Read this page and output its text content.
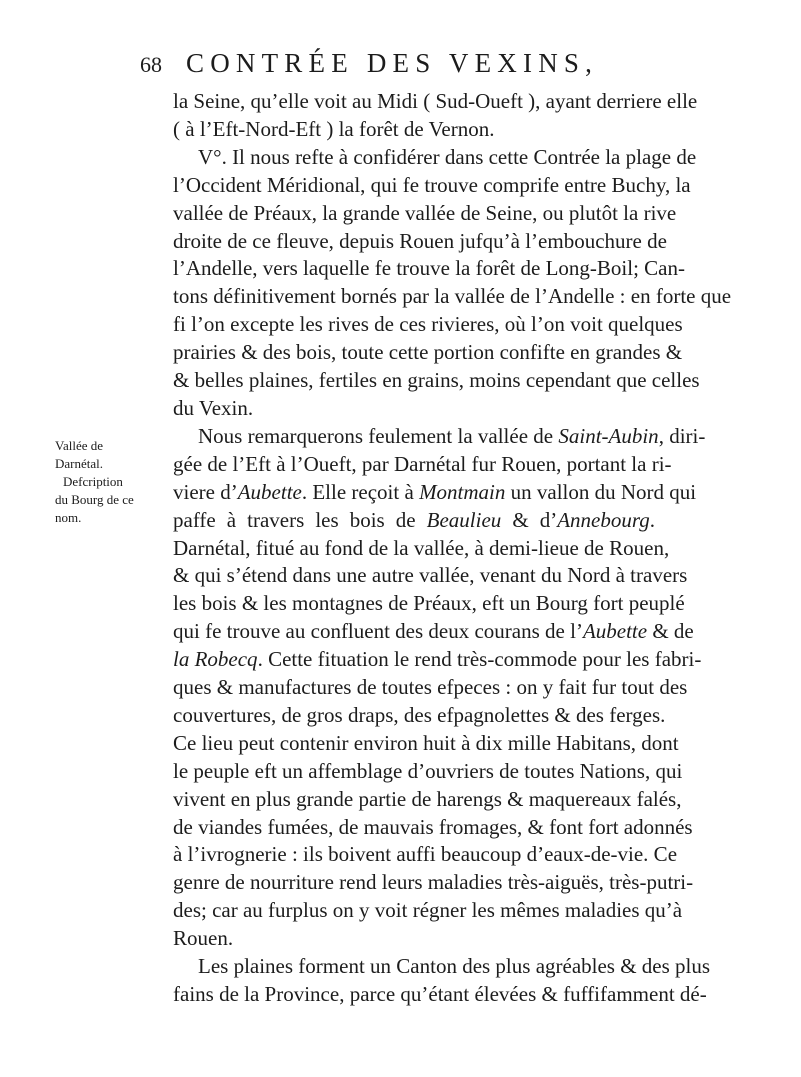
68 CONTRÉE DES VEXINS,
Vallée de
Darnétal.
Defcription
du Bourg de ce
nom.

la Seine, qu’elle voit au Midi ( Sud-Oueft ), ayant derriere elle
( à l’Eft-Nord-Eft ) la forêt de Vernon.

V°. Il nous refte à confidérer dans cette Contrée la plage de
l’Occident Méridional, qui fe trouve comprife entre Buchy, la
vallée de Préaux, la grande vallée de Seine, ou plutôt la rive
droite de ce fleuve, depuis Rouen jufqu’à l’embouchure de
l’Andelle, vers laquelle fe trouve la forêt de Long-Boil; Can-
tons définitivement bornés par la vallée de l’Andelle : en forte que
fi l’on excepte les rives de ces rivieres, où l’on voit quelques
prairies & des bois, toute cette portion confifte en grandes &
& belles plaines, fertiles en grains, moins cependant que celles
du Vexin.

Nous remarquerons feulement la vallée de Saint-Aubin, diri-
gée de l’Eft à l’Oueft, par Darnétal fur Rouen, portant la ri-
viere d’Aubette. Elle reçoit à Montmain un vallon du Nord qui
paffe à travers les bois de Beaulieu & d’Annebourg.
Darnétal, fitué au fond de la vallée, à demi-lieue de Rouen,
& qui s’étend dans une autre vallée, venant du Nord à travers
les bois & les montagnes de Préaux, eft un Bourg fort peuplé
qui fe trouve au confluent des deux courans de l’Aubette & de
la Robecq. Cette fituation le rend très-commode pour les fabri-
ques & manufactures de toutes efpeces : on y fait fur tout des
couvertures, de gros draps, des efpagnolettes & des ferges.
Ce lieu peut contenir environ huit à dix mille Habitans, dont
le peuple eft un affemblage d’ouvriers de toutes Nations, qui
vivent en plus grande partie de harengs & maquereaux falés,
de viandes fumées, de mauvais fromages, & font fort adonnés
à l’ivrognerie : ils boivent auffi beaucoup d’eaux-de-vie. Ce
genre de nourriture rend leurs maladies très-aiguës, très-putri-
des; car au furplus on y voit régner les mêmes maladies qu’à
Rouen.

Les plaines forment un Canton des plus agréables & des plus
fains de la Province, parce qu’étant élevées & fuffifamment dé-
